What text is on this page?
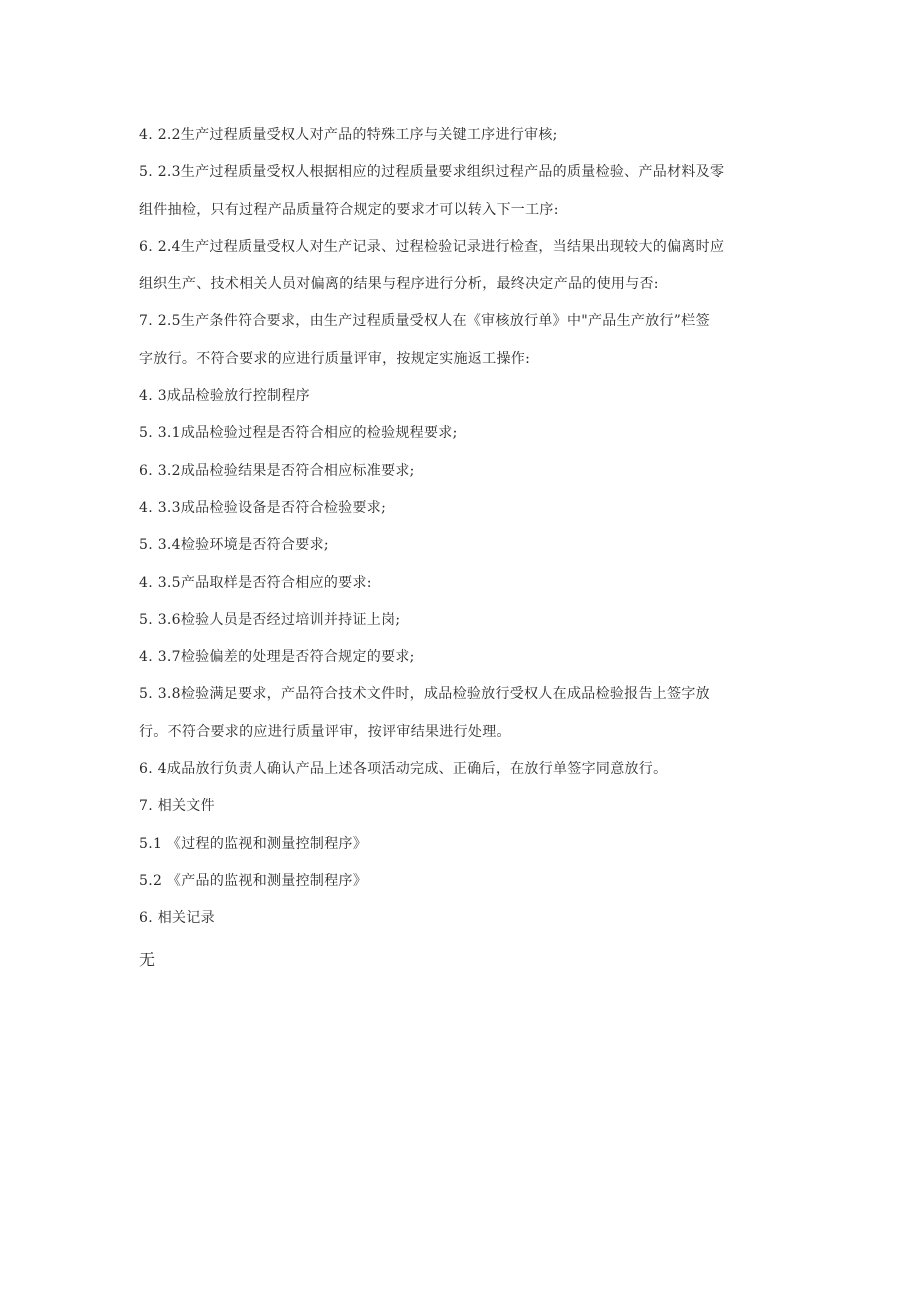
4. 2.2生产过程质量受权人对产品的特殊工序与关键工序进行审核;
5. 2.3生产过程质量受权人根据相应的过程质量要求组织过程产品的质量检验、产品材料及零
组件抽检，只有过程产品质量符合规定的要求才可以转入下一工序:
6. 2.4生产过程质量受权人对生产记录、过程检验记录进行检查，当结果出现较大的偏离时应
组织生产、技术相关人员对偏离的结果与程序进行分析，最终决定产品的使用与否:
7. 2.5生产条件符合要求，由生产过程质量受权人在《审核放行单》中"产品生产放行”栏签
字放行。不符合要求的应进行质量评审，按规定实施返工操作:
4. 3成品检验放行控制程序
5. 3.1成品检验过程是否符合相应的检验规程要求;
6. 3.2成品检验结果是否符合相应标准要求;
4. 3.3成品检验设备是否符合检验要求;
5. 3.4检验环境是否符合要求;
4. 3.5产品取样是否符合相应的要求:
5. 3.6检验人员是否经过培训并持证上岗;
4. 3.7检验偏差的处理是否符合规定的要求;
5. 3.8检验满足要求，产品符合技术文件时，成品检验放行受权人在成品检验报告上签字放
行。不符合要求的应进行质量评审，按评审结果进行处理。
6. 4成品放行负责人确认产品上述各项活动完成、正确后，在放行单签字同意放行。
7. 相关文件
5.1 《过程的监视和测量控制程序》
5.2 《产品的监视和测量控制程序》
6. 相关记录
无
